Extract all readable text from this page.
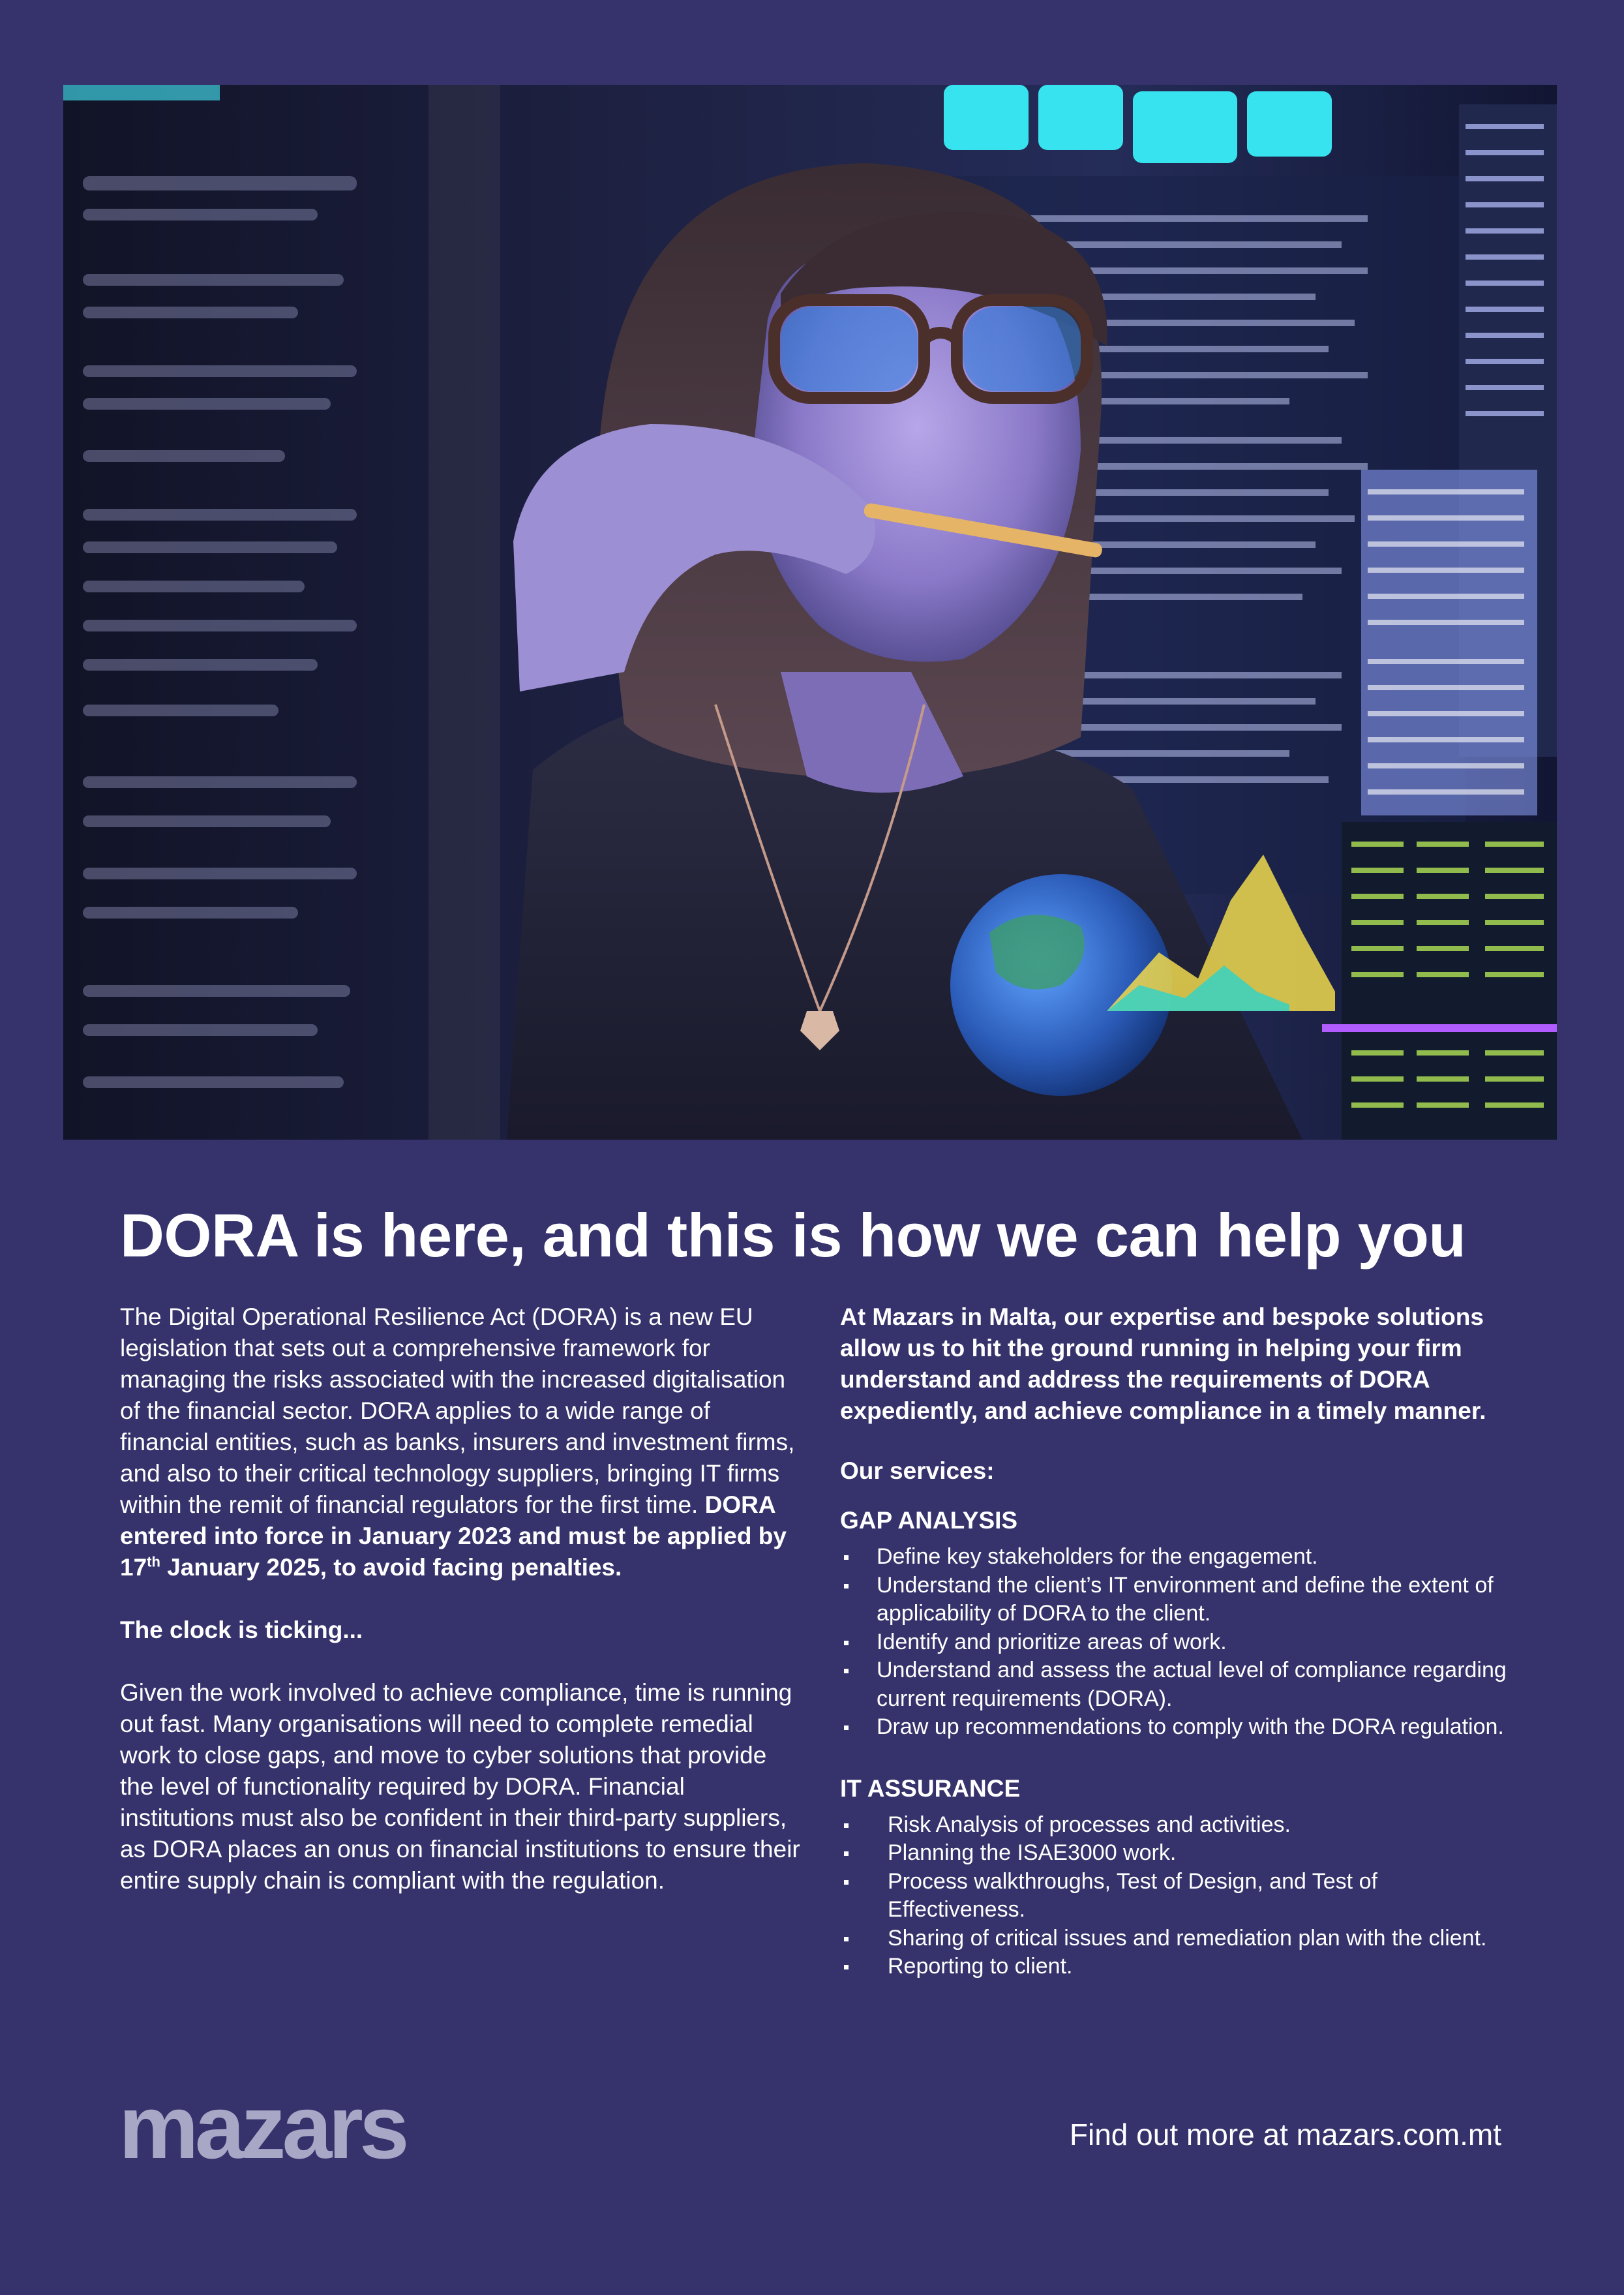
DORA is here, and this is how we can help you

The Digital Operational Resilience Act (DORA) is a new EU legislation that sets out a comprehensive framework for managing the risks associated with the increased digitalisation of the financial sector. DORA applies to a wide range of financial entities, such as banks, insurers and investment firms, and also to their critical technology suppliers, bringing IT firms within the remit of financial regulators for the first time. DORA entered into force in January 2023 and must be applied by 17th January 2025, to avoid facing penalties.

The clock is ticking...

Given the work involved to achieve compliance, time is running out fast. Many organisations will need to complete remedial work to close gaps, and move to cyber solutions that provide the level of functionality required by DORA. Financial institutions must also be confident in their third-party suppliers, as DORA places an onus on financial institutions to ensure their entire supply chain is compliant with the regulation.

At Mazars in Malta, our expertise and bespoke solutions allow us to hit the ground running in helping your firm understand and address the requirements of DORA expediently, and achieve compliance in a timely manner.

Our services:

GAP ANALYSIS

Define key stakeholders for the engagement.
Understand the client’s IT environment and define the extent of applicability of DORA to the client.
Identify and prioritize areas of work.
Understand and assess the actual level of compliance regarding current requirements (DORA).
Draw up recommendations to comply with the DORA regulation.

IT ASSURANCE

Risk Analysis of processes and activities.
Planning the ISAE3000 work.
Process walkthroughs, Test of Design, and Test of Effectiveness.
Sharing of critical issues and remediation plan with the client.
Reporting to client.
mazars	Find out more at mazars.com.mt
